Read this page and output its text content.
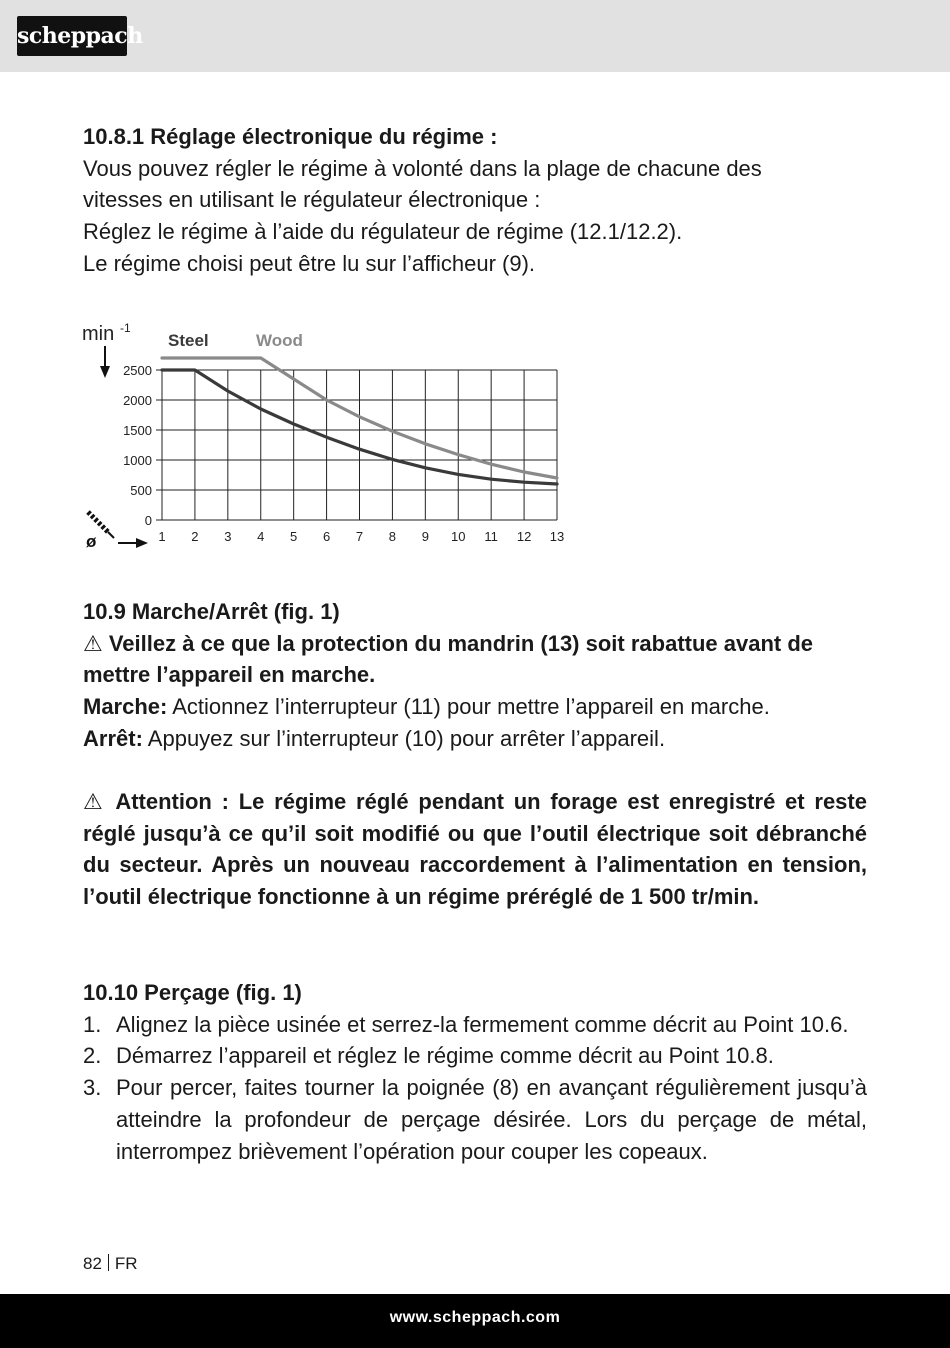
scheppach

10.8.1 Réglage électronique du régime :

Vous pouvez régler le régime à volonté dans la plage de chacune des

vitesses en utilisant le régulateur électronique :

Réglez le régime à l’aide du régulateur de régime (12.1/12.2).

Le régime choisi peut être lu sur l’afficheur (9).

0
500
1000
1500
2000
2500
1 2 3 4 5 6 7 8 9 10 11 12 13
Steel	Wood
min -1
ø

10.9 Marche/Arrêt (fig. 1)

⚠ Veillez à ce que la protection du mandrin (13) soit rabattue avant de mettre l’appareil en marche.

Marche: Actionnez l’interrupteur (11) pour mettre l’appareil en marche.

Arrêt: Appuyez sur l’interrupteur (10) pour arrêter l’appareil.

⚠ Attention : Le régime réglé pendant un forage est enregistré et reste réglé jusqu’à ce qu’il soit modifié ou que l’outil électrique soit débranché du secteur. Après un nouveau raccordement à l’alimentation en tension, l’outil électrique fonctionne à un régime préréglé de 1 500 tr/min.

10.10 Perçage (fig. 1)

1. Alignez la pièce usinée et serrez-la fermement comme décrit au Point 10.6.
2. Démarrez l’appareil et réglez le régime comme décrit au Point 10.8.
3. Pour percer, faites tourner la poignée (8) en avançant régulièrement jusqu’à atteindre la profondeur de perçage désirée. Lors du perçage de métal, interrompez brièvement l’opération pour couper les copeaux.
82 FR
www.scheppach.com
